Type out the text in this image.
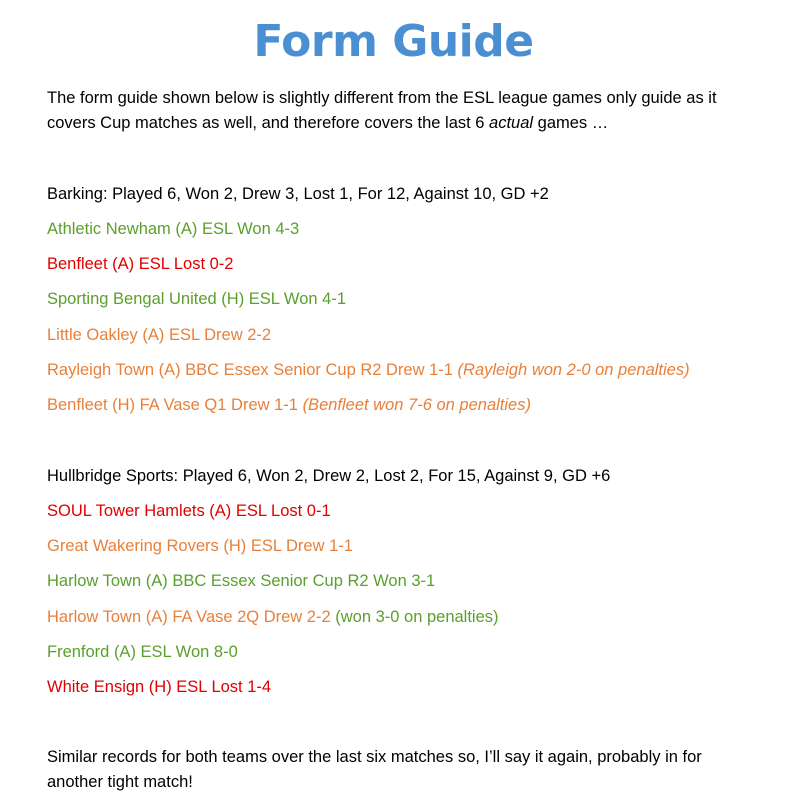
Form Guide

The form guide shown below is slightly different from the ESL league games only guide as it covers Cup matches as well, and therefore covers the last 6 actual games …

Barking: Played 6, Won 2, Drew 3, Lost 1, For 12, Against 10, GD +2
Athletic Newham (A) ESL Won 4-3
Benfleet (A) ESL Lost 0-2
Sporting Bengal United (H) ESL Won 4-1
Little Oakley (A) ESL Drew 2-2
Rayleigh Town (A) BBC Essex Senior Cup R2 Drew 1-1 (Rayleigh won 2-0 on penalties)
Benfleet (H) FA Vase Q1 Drew 1-1 (Benfleet won 7-6 on penalties)
Hullbridge Sports: Played 6, Won 2, Drew 2, Lost 2, For 15, Against 9, GD +6
SOUL Tower Hamlets (A) ESL Lost 0-1
Great Wakering Rovers (H) ESL Drew 1-1
Harlow Town (A) BBC Essex Senior Cup R2 Won 3-1
Harlow Town (A) FA Vase 2Q Drew 2-2 (won 3-0 on penalties)
Frenford (A) ESL Won 8-0
White Ensign (H) ESL Lost 1-4

Similar records for both teams over the last six matches so, I’ll say it again, probably in for another tight match!
